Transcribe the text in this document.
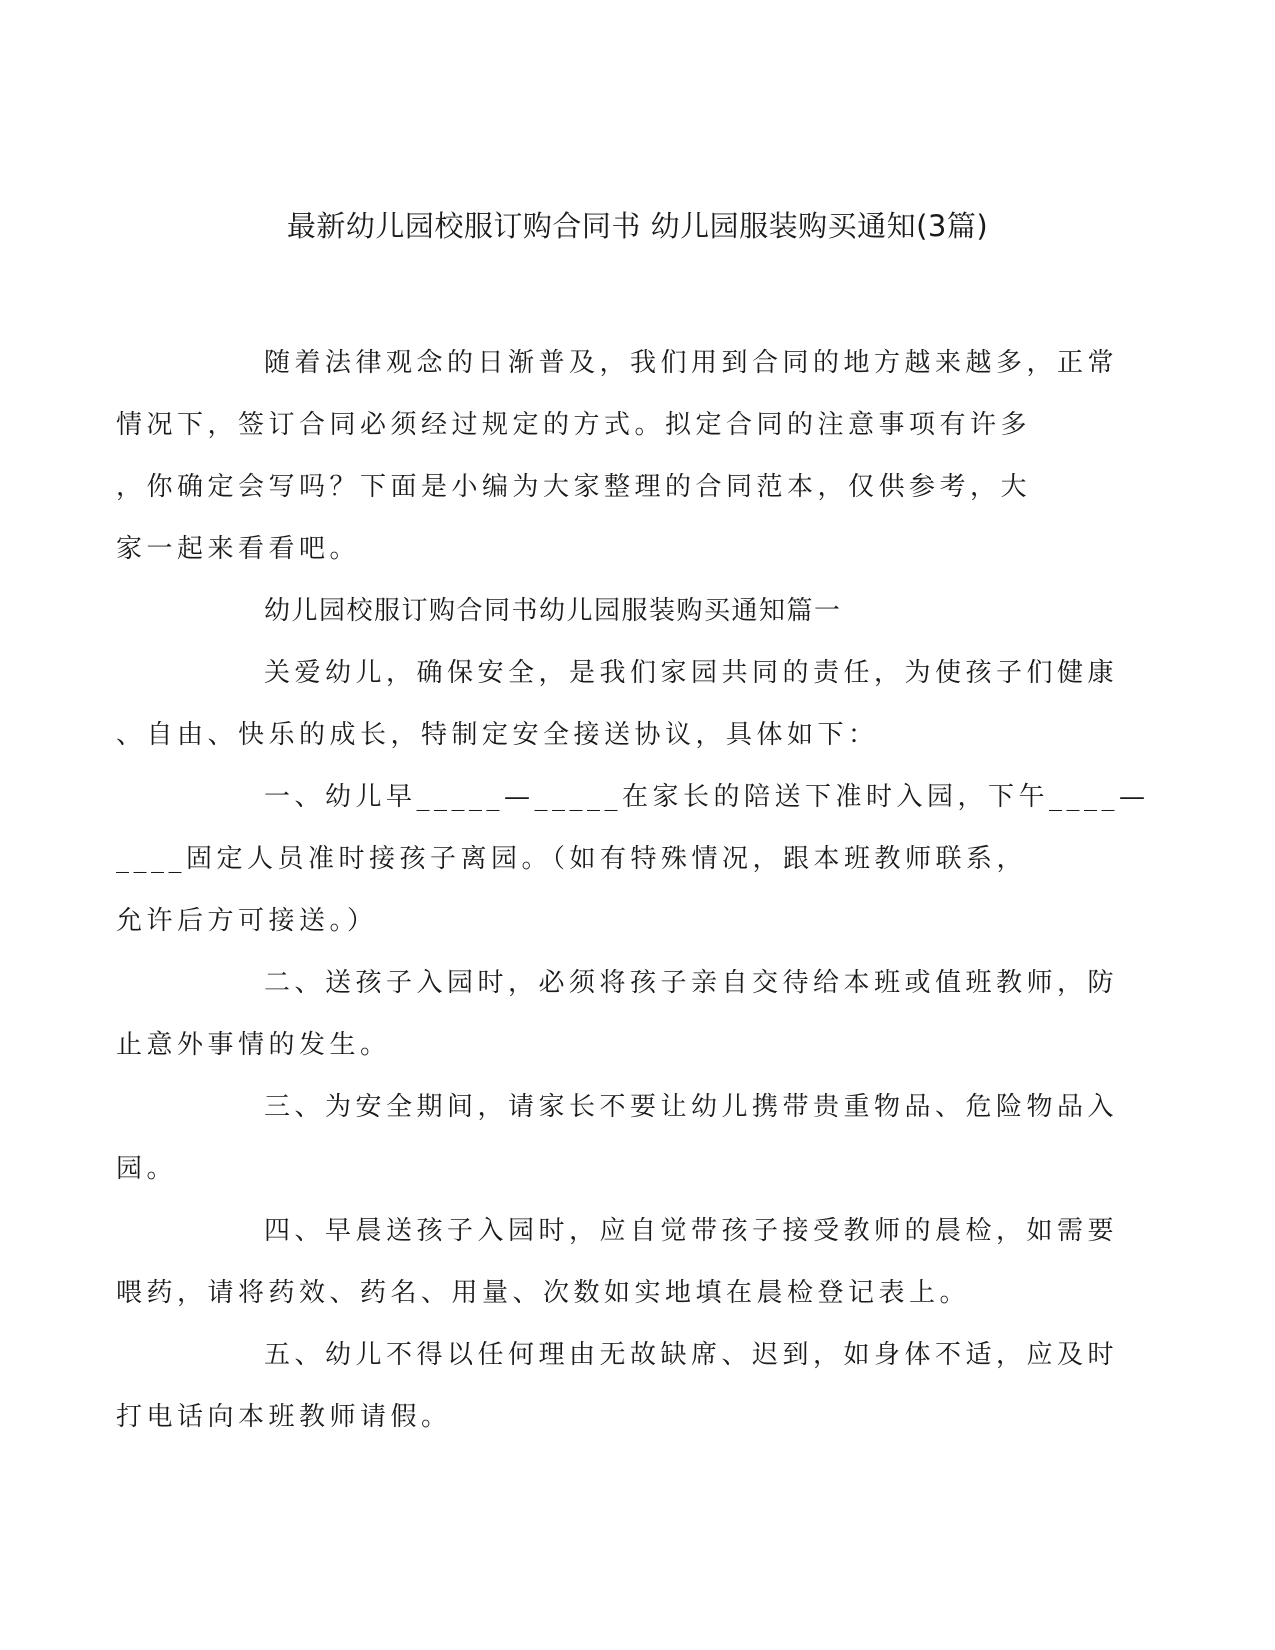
最新幼儿园校服订购合同书 幼儿园服装购买通知(3篇)

随着法律观念的日渐普及，我们用到合同的地方越来越多，正常
情况下，签订合同必须经过规定的方式。拟定合同的注意事项有许多
，你确定会写吗？下面是小编为大家整理的合同范本，仅供参考，大
家一起来看看吧。

幼儿园校服订购合同书幼儿园服装购买通知篇一

关爱幼儿，确保安全，是我们家园共同的责任，为使孩子们健康
、自由、快乐的成长，特制定安全接送协议，具体如下：

一、幼儿早_____—_____在家长的陪送下准时入园，下午____—
____固定人员准时接孩子离园。（如有特殊情况，跟本班教师联系，
允许后方可接送。）

二、送孩子入园时，必须将孩子亲自交待给本班或值班教师，防
止意外事情的发生。

三、为安全期间，请家长不要让幼儿携带贵重物品、危险物品入
园。

四、早晨送孩子入园时，应自觉带孩子接受教师的晨检，如需要
喂药，请将药效、药名、用量、次数如实地填在晨检登记表上。

五、幼儿不得以任何理由无故缺席、迟到，如身体不适，应及时
打电话向本班教师请假。
